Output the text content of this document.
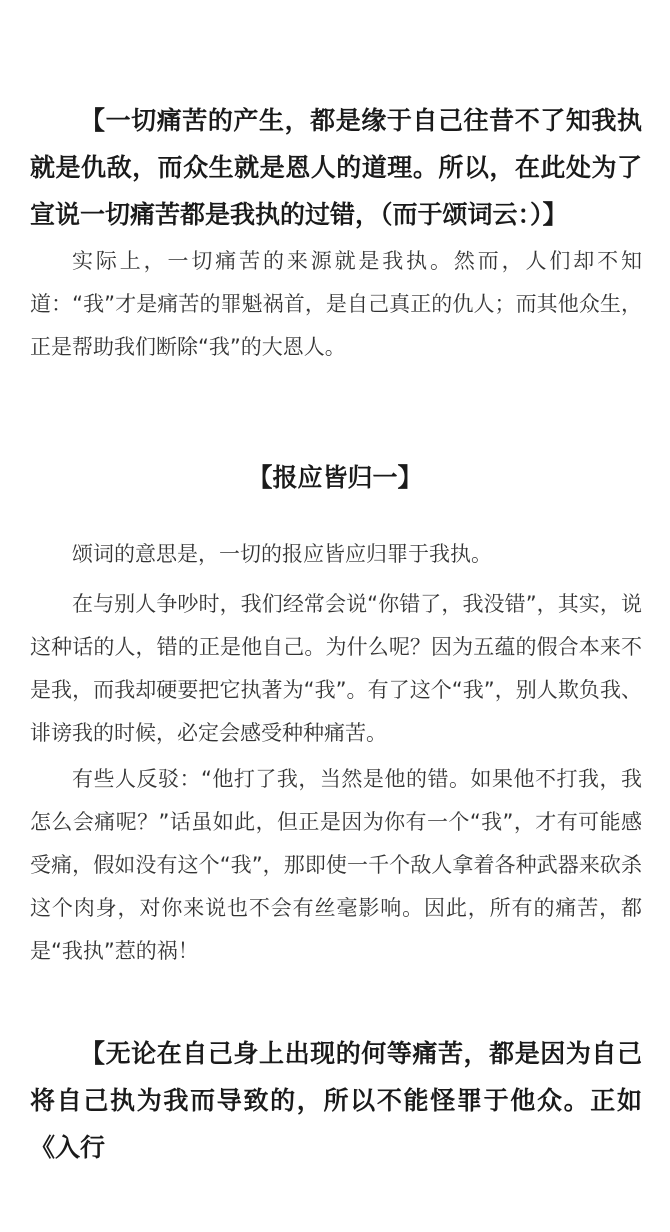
【一切痛苦的产生，都是缘于自己往昔不了知我执就是仇敌，而众生就是恩人的道理。所以，在此处为了宣说一切痛苦都是我执的过错，（而于颂词云：）】

实际上，一切痛苦的来源就是我执。然而，人们却不知道：“我”才是痛苦的罪魁祸首，是自己真正的仇人；而其他众生，正是帮助我们断除“我”的大恩人。

【报应皆归一】

颂词的意思是，一切的报应皆应归罪于我执。

在与别人争吵时，我们经常会说“你错了，我没错”，其实，说这种话的人，错的正是他自己。为什么呢？因为五蕴的假合本来不是我，而我却硬要把它执著为“我”。有了这个“我”，别人欺负我、诽谤我的时候，必定会感受种种痛苦。

有些人反驳：“他打了我，当然是他的错。如果他不打我，我怎么会痛呢？”话虽如此，但正是因为你有一个“我”，才有可能感受痛，假如没有这个“我”，那即使一千个敌人拿着各种武器来砍杀这个肉身，对你来说也不会有丝毫影响。因此，所有的痛苦，都是“我执”惹的祸！

【无论在自己身上出现的何等痛苦，都是因为自己将自己执为我而导致的，所以不能怪罪于他众。正如《入行
